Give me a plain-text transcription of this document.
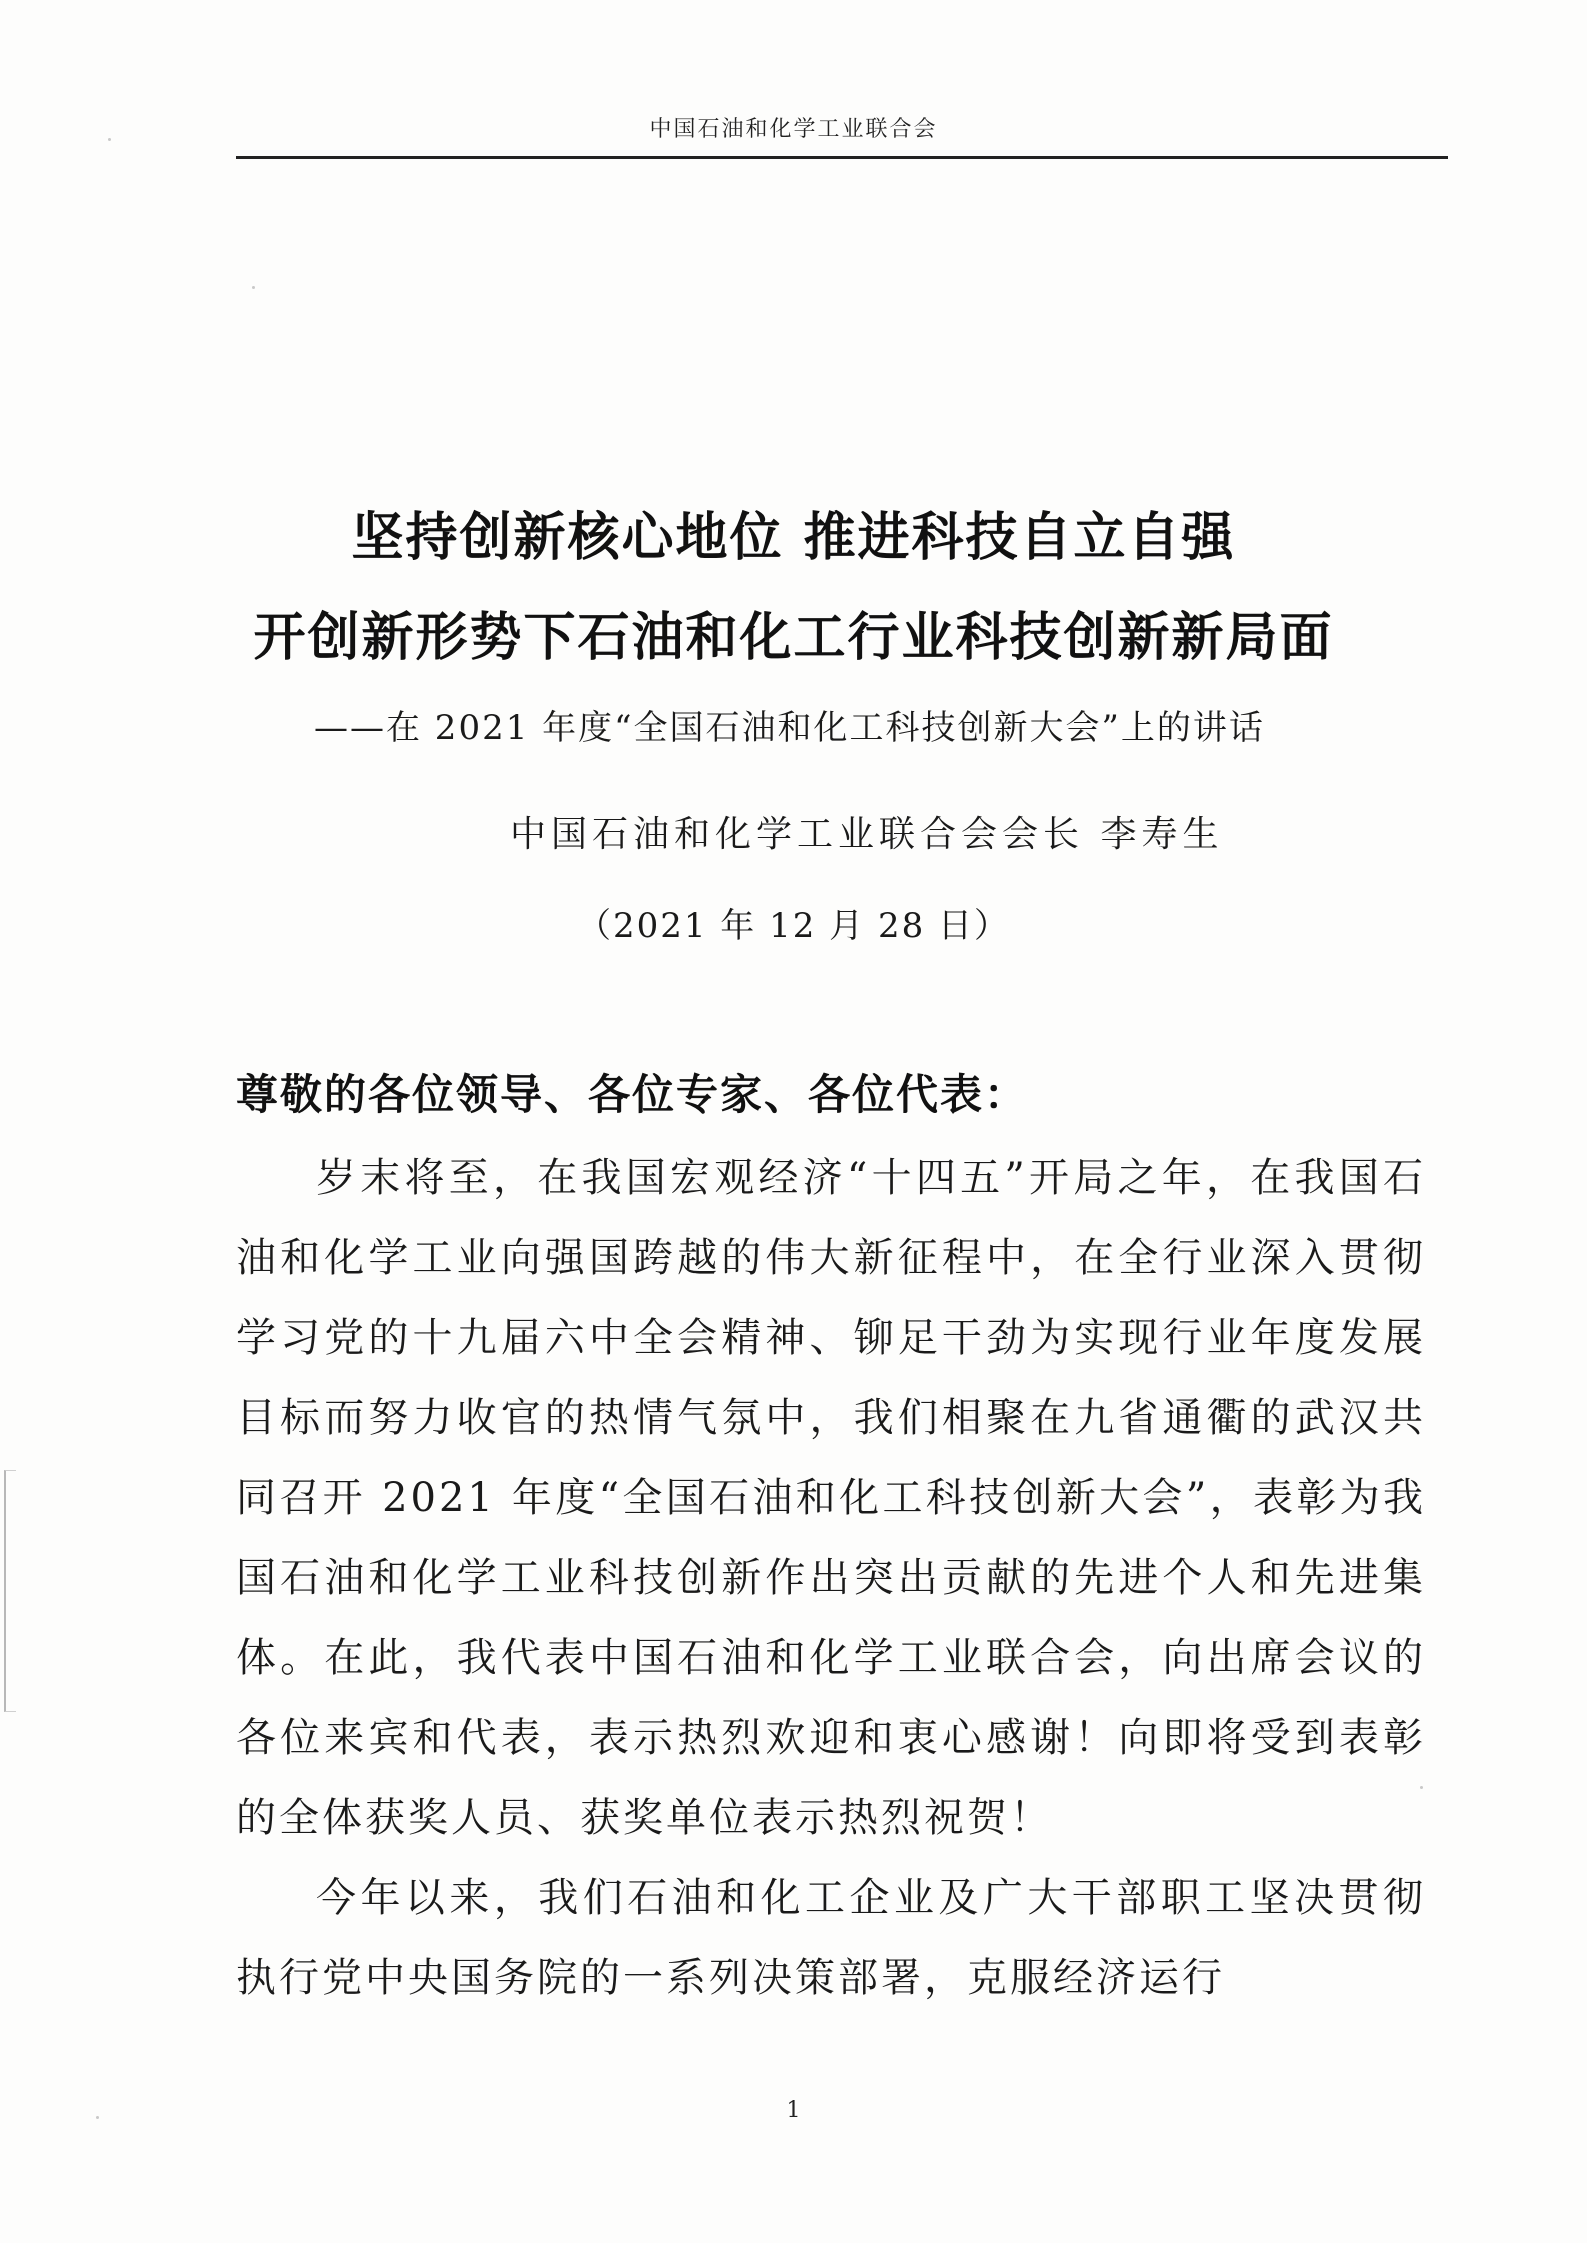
中国石油和化学工业联合会
坚持创新核心地位 推进科技自立自强
开创新形势下石油和化工行业科技创新新局面
——在 2021 年度“全国石油和化工科技创新大会”上的讲话
中国石油和化学工业联合会会长 李寿生
（2021 年 12 月 28 日）
尊敬的各位领导、各位专家、各位代表：

岁末将至，在我国宏观经济“十四五”开局之年，在我国石油和化学工业向强国跨越的伟大新征程中，在全行业深入贯彻学习党的十九届六中全会精神、铆足干劲为实现行业年度发展目标而努力收官的热情气氛中，我们相聚在九省通衢的武汉共同召开 2021 年度“全国石油和化工科技创新大会”，表彰为我国石油和化学工业科技创新作出突出贡献的先进个人和先进集体。在此，我代表中国石油和化学工业联合会，向出席会议的各位来宾和代表，表示热烈欢迎和衷心感谢！向即将受到表彰的全体获奖人员、获奖单位表示热烈祝贺！

今年以来，我们石油和化工企业及广大干部职工坚决贯彻执行党中央国务院的一系列决策部署，克服经济运行

1
